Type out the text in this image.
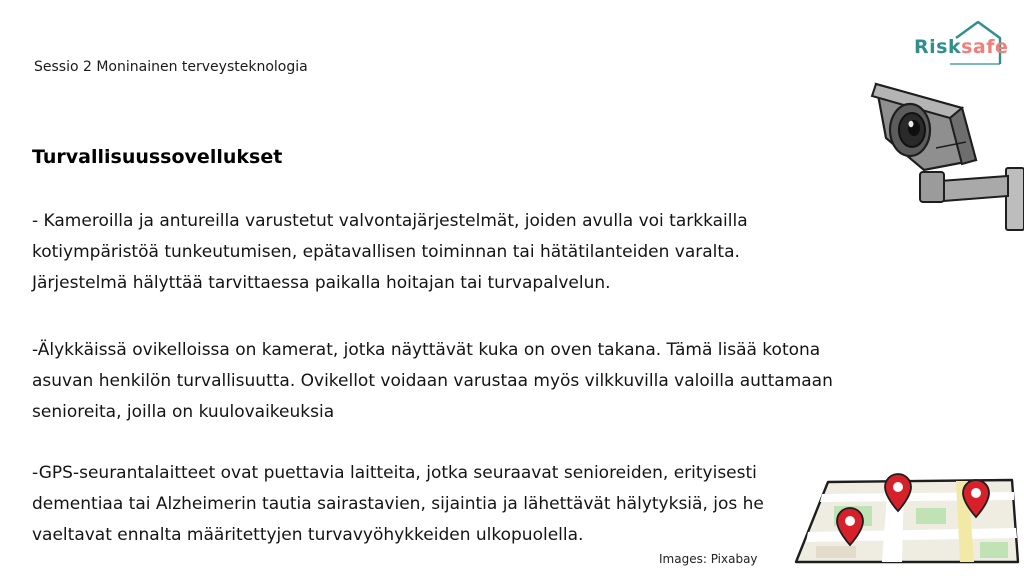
Sessio 2 Moninainen terveysteknologia
Risksafe
Turvallisuussovellukset
- Kameroilla ja antureilla varustetut valvontajärjestelmät, joiden avulla voi tarkkailla
kotiympäristöä tunkeutumisen, epätavallisen toiminnan tai hätätilanteiden varalta.
Järjestelmä hälyttää tarvittaessa paikalla hoitajan tai turvapalvelun.
-Älykkäissä ovikelloissa on kamerat, jotka näyttävät kuka on oven takana. Tämä lisää kotona
asuvan henkilön turvallisuutta. Ovikellot voidaan varustaa myös vilkkuvilla valoilla auttamaan
senioreita, joilla on kuulovaikeuksia
-GPS-seurantalaitteet ovat puettavia laitteita, jotka seuraavat senioreiden, erityisesti
dementiaa tai Alzheimerin tautia sairastavien, sijaintia ja lähettävät hälytyksiä, jos he
vaeltavat ennalta määritettyjen turvavyöhykkeiden ulkopuolella.
Images: Pixabay
